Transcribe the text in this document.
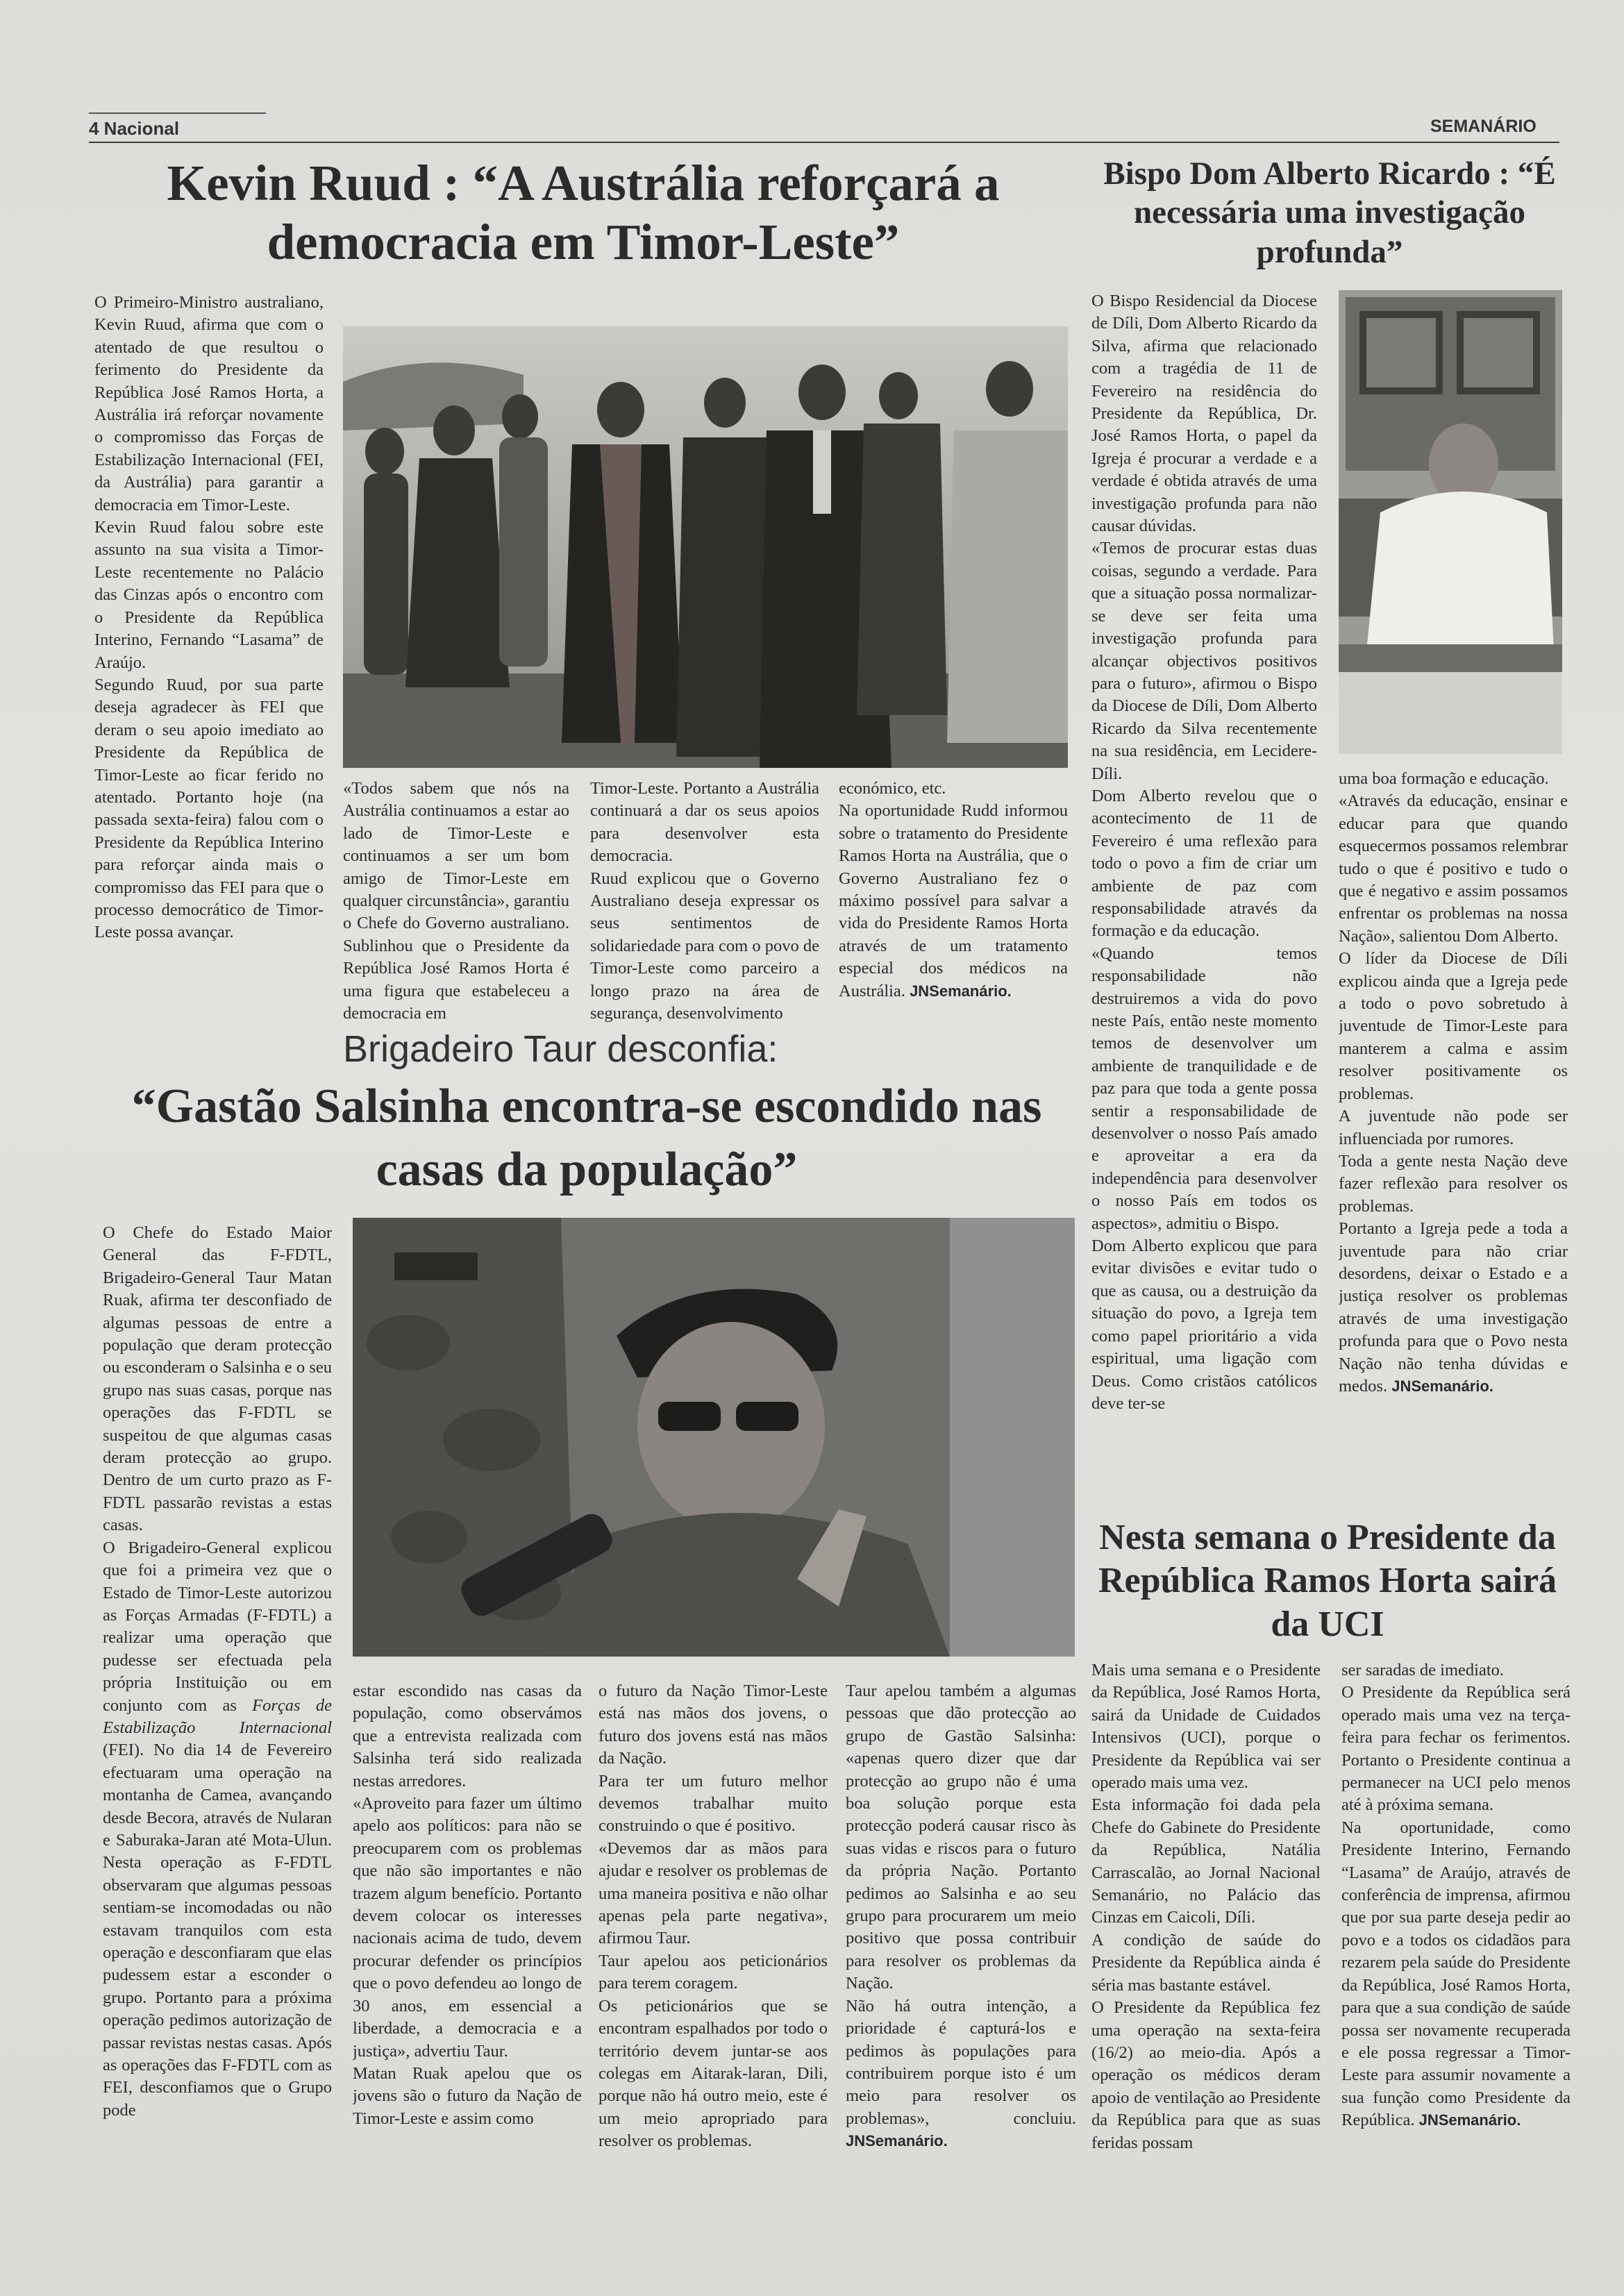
4 Nacional	SEMANÁRIO
Kevin Ruud : “A Austrália reforçará a democracia em Timor-Leste”

O Primeiro-Ministro australiano, Kevin Ruud, afirma que com o atentado de que resultou o ferimento do Presidente da República José Ramos Horta, a Austrália irá reforçar novamente o compromisso das Forças de Estabilização Internacional (FEI, da Austrália) para garantir a democracia em Timor-Leste.

Kevin Ruud falou sobre este assunto na sua visita a Timor-Leste recentemente no Palácio das Cinzas após o encontro com o Presidente da República Interino, Fernando “Lasama” de Araújo.

Segundo Ruud, por sua parte deseja agradecer às FEI que deram o seu apoio imediato ao Presidente da República de Timor-Leste ao ficar ferido no atentado. Portanto hoje (na passada sexta-feira) falou com o Presidente da República Interino para reforçar ainda mais o compromisso das FEI para que o processo democrático de Timor-Leste possa avançar.

«Todos sabem que nós na Austrália continuamos a estar ao lado de Timor-Leste e continuamos a ser um bom amigo de Timor-Leste em qualquer circunstância», garantiu o Chefe do Governo australiano. Sublinhou que o Presidente da República José Ramos Horta é uma figura que estabeleceu a democracia em

Timor-Leste. Portanto a Austrália continuará a dar os seus apoios para desenvolver esta democracia.

Ruud explicou que o Governo Australiano deseja expressar os seus sentimentos de solidariedade para com o povo de Timor-Leste como parceiro a longo prazo na área de segurança, desenvolvimento

económico, etc.

Na oportunidade Rudd informou sobre o tratamento do Presidente Ramos Horta na Austrália, que o Governo Australiano fez o máximo possível para salvar a vida do Presidente Ramos Horta através de um tratamento especial dos médicos na Austrália. JNSemanário.

Brigadeiro Taur desconfia:
“Gastão Salsinha encontra-se escondido nas casas da população”

O Chefe do Estado Maior General das F-FDTL, Brigadeiro-General Taur Matan Ruak, afirma ter desconfiado de algumas pessoas de entre a população que deram protecção ou esconderam o Salsinha e o seu grupo nas suas casas, porque nas operações das F-FDTL se suspeitou de que algumas casas deram protecção ao grupo. Dentro de um curto prazo as F-FDTL passarão revistas a estas casas.

O Brigadeiro-General explicou que foi a primeira vez que o Estado de Timor-Leste autorizou as Forças Armadas (F-FDTL) a realizar uma operação que pudesse ser efectuada pela própria Instituição ou em conjunto com as Forças de Estabilização Internacional (FEI). No dia 14 de Fevereiro efectuaram uma operação na montanha de Camea, avançando desde Becora, através de Nularan e Saburaka-Jaran até Mota-Ulun. Nesta operação as F-FDTL observaram que algumas pessoas sentiam-se incomodadas ou não estavam tranquilos com esta operação e desconfiaram que elas pudessem estar a esconder o grupo. Portanto para a próxima operação pedimos autorização de passar revistas nestas casas. Após as operações das F-FDTL com as FEI, desconfiamos que o Grupo pode

estar escondido nas casas da população, como observámos que a entrevista realizada com Salsinha terá sido realizada nestas arredores.

«Aproveito para fazer um último apelo aos políticos: para não se preocuparem com os problemas que não são importantes e não trazem algum benefício. Portanto devem colocar os interesses nacionais acima de tudo, devem procurar defender os princípios que o povo defendeu ao longo de 30 anos, em essencial a liberdade, a democracia e a justiça», advertiu Taur.

Matan Ruak apelou que os jovens são o futuro da Nação de Timor-Leste e assim como

o futuro da Nação Timor-Leste está nas mãos dos jovens, o futuro dos jovens está nas mãos da Nação.

Para ter um futuro melhor devemos trabalhar muito construindo o que é positivo.

«Devemos dar as mãos para ajudar e resolver os problemas de uma maneira positiva e não olhar apenas pela parte negativa», afirmou Taur.

Taur apelou aos peticionários para terem coragem.

Os peticionários que se encontram espalhados por todo o território devem juntar-se aos colegas em Aitarak-laran, Dili, porque não há outro meio, este é um meio apropriado para resolver os problemas.

Taur apelou também a algumas pessoas que dão protecção ao grupo de Gastão Salsinha: «apenas quero dizer que dar protecção ao grupo não é uma boa solução porque esta protecção poderá causar risco às suas vidas e riscos para o futuro da própria Nação. Portanto pedimos ao Salsinha e ao seu grupo para procurarem um meio positivo que possa contribuir para resolver os problemas da Nação.

Não há outra intenção, a prioridade é capturá-los e pedimos às populações para contribuirem porque isto é um meio para resolver os problemas», concluiu. JNSemanário.

Bispo Dom Alberto Ricardo : “É necessária uma investigação profunda”

O Bispo Residencial da Diocese de Díli, Dom Alberto Ricardo da Silva, afirma que relacionado com a tragédia de 11 de Fevereiro na residência do Presidente da República, Dr. José Ramos Horta, o papel da Igreja é procurar a verdade e a verdade é obtida através de uma investigação profunda para não causar dúvidas.

«Temos de procurar estas duas coisas, segundo a verdade. Para que a situação possa normalizar-se deve ser feita uma investigação profunda para alcançar objectivos positivos para o futuro», afirmou o Bispo da Diocese de Díli, Dom Alberto Ricardo da Silva recentemente na sua residência, em Lecidere-Díli.

Dom Alberto revelou que o acontecimento de 11 de Fevereiro é uma reflexão para todo o povo a fim de criar um ambiente de paz com responsabilidade através da formação e da educação.

«Quando temos responsabilidade não destruiremos a vida do povo neste País, então neste momento temos de desenvolver um ambiente de tranquilidade e de paz para que toda a gente possa sentir a responsabilidade de desenvolver o nosso País amado e aproveitar a era da independência para desenvolver o nosso País em todos os aspectos», admitiu o Bispo.

Dom Alberto explicou que para evitar divisões e evitar tudo o que as causa, ou a destruição da situação do povo, a Igreja tem como papel prioritário a vida espiritual, uma ligação com Deus. Como cristãos católicos deve ter-se

uma boa formação e educação.

«Através da educação, ensinar e educar para que quando esquecermos possamos relembrar tudo o que é positivo e tudo o que é negativo e assim possamos enfrentar os problemas na nossa Nação», salientou Dom Alberto.

O líder da Diocese de Díli explicou ainda que a Igreja pede a todo o povo sobretudo à juventude de Timor-Leste para manterem a calma e assim resolver positivamente os problemas.

A juventude não pode ser influenciada por rumores.

Toda a gente nesta Nação deve fazer reflexão para resolver os problemas.

Portanto a Igreja pede a toda a juventude para não criar desordens, deixar o Estado e a justiça resolver os problemas através de uma investigação profunda para que o Povo nesta Nação não tenha dúvidas e medos. JNSemanário.

Nesta semana o Presidente da República Ramos Horta sairá da UCI

Mais uma semana e o Presidente da República, José Ramos Horta, sairá da Unidade de Cuidados Intensivos (UCI), porque o Presidente da República vai ser operado mais uma vez.

Esta informação foi dada pela Chefe do Gabinete do Presidente da República, Natália Carrascalão, ao Jornal Nacional Semanário, no Palácio das Cinzas em Caicoli, Díli.

A condição de saúde do Presidente da República ainda é séria mas bastante estável.

O Presidente da República fez uma operação na sexta-feira (16/2) ao meio-dia. Após a operação os médicos deram apoio de ventilação ao Presidente da República para que as suas feridas possam

ser saradas de imediato.

O Presidente da República será operado mais uma vez na terça-feira para fechar os ferimentos. Portanto o Presidente continua a permanecer na UCI pelo menos até à próxima semana.

Na oportunidade, como Presidente Interino, Fernando “Lasama” de Araújo, através de conferência de imprensa, afirmou que por sua parte deseja pedir ao povo e a todos os cidadãos para rezarem pela saúde do Presidente da República, José Ramos Horta, para que a sua condição de saúde possa ser novamente recuperada e ele possa regressar a Timor-Leste para assumir novamente a sua função como Presidente da República. JNSemanário.
